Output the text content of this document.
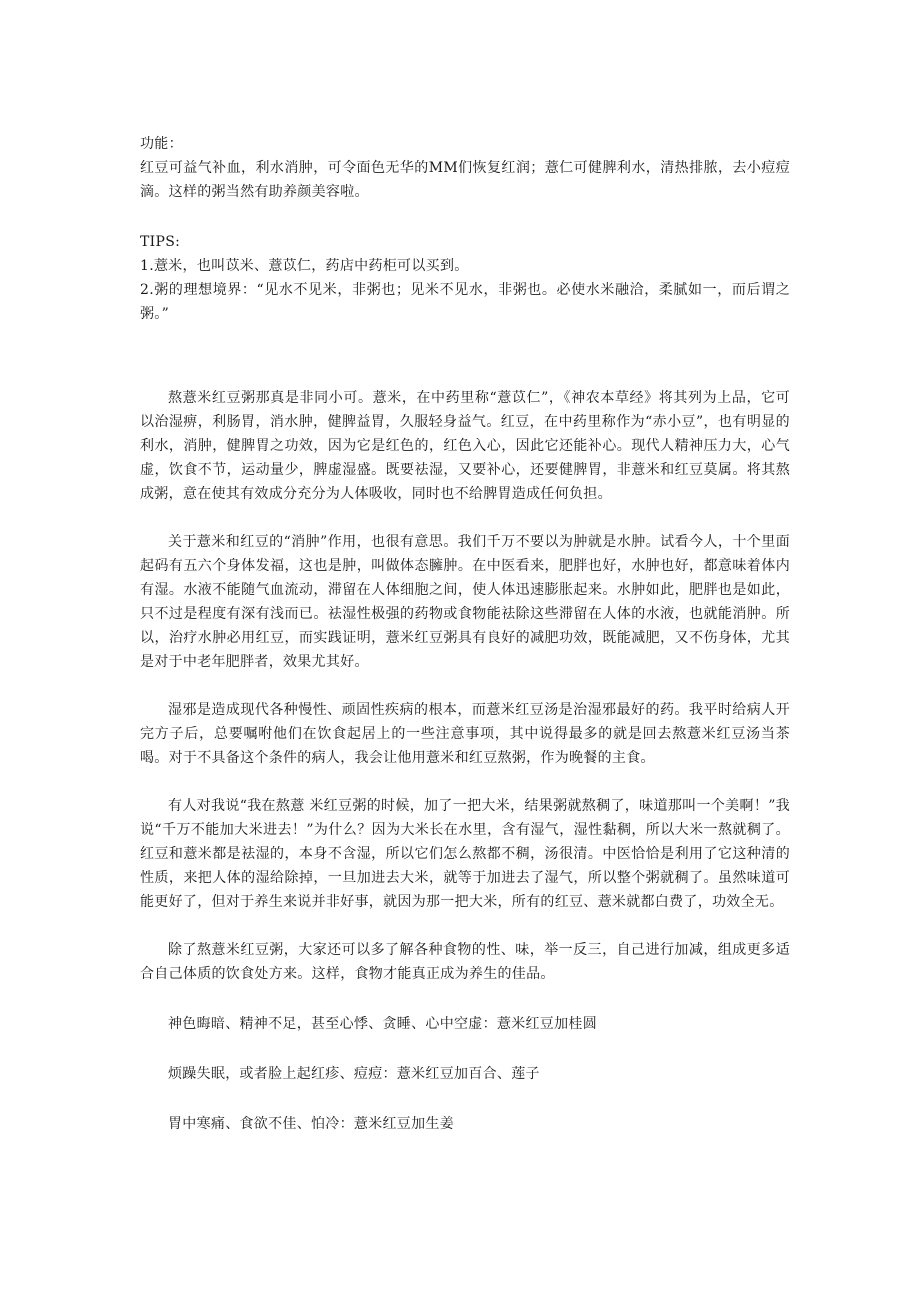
功能：

红豆可益气补血，利水消肿，可令面色无华的MM们恢复红润；薏仁可健脾利水，清热排脓，去小痘痘滴。这样的粥当然有助养颜美容啦。

TIPS:

1.薏米，也叫苡米、薏苡仁，药店中药柜可以买到。

2.粥的理想境界：“见水不见米，非粥也；见米不见水，非粥也。必使水米融洽，柔腻如一，而后谓之粥。”

熬薏米红豆粥那真是非同小可。薏米，在中药里称“薏苡仁”，《神农本草经》将其列为上品，它可以治湿痹，利肠胃，消水肿，健脾益胃，久服轻身益气。红豆，在中药里称作为“赤小豆”，也有明显的利水，消肿，健脾胃之功效，因为它是红色的，红色入心，因此它还能补心。现代人精神压力大，心气虚，饮食不节，运动量少，脾虚湿盛。既要祛湿，又要补心，还要健脾胃，非薏米和红豆莫属。将其熬成粥，意在使其有效成分充分为人体吸收，同时也不给脾胃造成任何负担。

关于薏米和红豆的“消肿”作用，也很有意思。我们千万不要以为肿就是水肿。试看今人，十个里面起码有五六个身体发福，这也是肿，叫做体态臃肿。在中医看来，肥胖也好，水肿也好，都意味着体内有湿。水液不能随气血流动，滞留在人体细胞之间，使人体迅速膨胀起来。水肿如此，肥胖也是如此，只不过是程度有深有浅而已。祛湿性极强的药物或食物能祛除这些滞留在人体的水液，也就能消肿。所以，治疗水肿必用红豆，而实践证明，薏米红豆粥具有良好的减肥功效，既能减肥，又不伤身体，尤其是对于中老年肥胖者，效果尤其好。

湿邪是造成现代各种慢性、顽固性疾病的根本，而薏米红豆汤是治湿邪最好的药。我平时给病人开完方子后，总要嘱咐他们在饮食起居上的一些注意事项，其中说得最多的就是回去熬薏米红豆汤当茶喝。对于不具备这个条件的病人，我会让他用薏米和红豆熬粥，作为晚餐的主食。

有人对我说“我在熬薏 米红豆粥的时候，加了一把大米，结果粥就熬稠了，味道那叫一个美啊！”我说“千万不能加大米进去！”为什么？因为大米长在水里，含有湿气，湿性黏稠，所以大米一熬就稠了。红豆和薏米都是祛湿的，本身不含湿，所以它们怎么熬都不稠，汤很清。中医恰恰是利用了它这种清的性质，来把人体的湿给除掉，一旦加进去大米，就等于加进去了湿气，所以整个粥就稠了。虽然味道可能更好了，但对于养生来说并非好事，就因为那一把大米，所有的红豆、薏米就都白费了，功效全无。

除了熬薏米红豆粥，大家还可以多了解各种食物的性、味，举一反三，自己进行加减，组成更多适合自己体质的饮食处方来。这样，食物才能真正成为养生的佳品。

神色晦暗、精神不足，甚至心悸、贪睡、心中空虚：薏米红豆加桂圆

烦躁失眠，或者脸上起红疹、痘痘：薏米红豆加百合、莲子

胃中寒痛、食欲不佳、怕冷：薏米红豆加生姜
